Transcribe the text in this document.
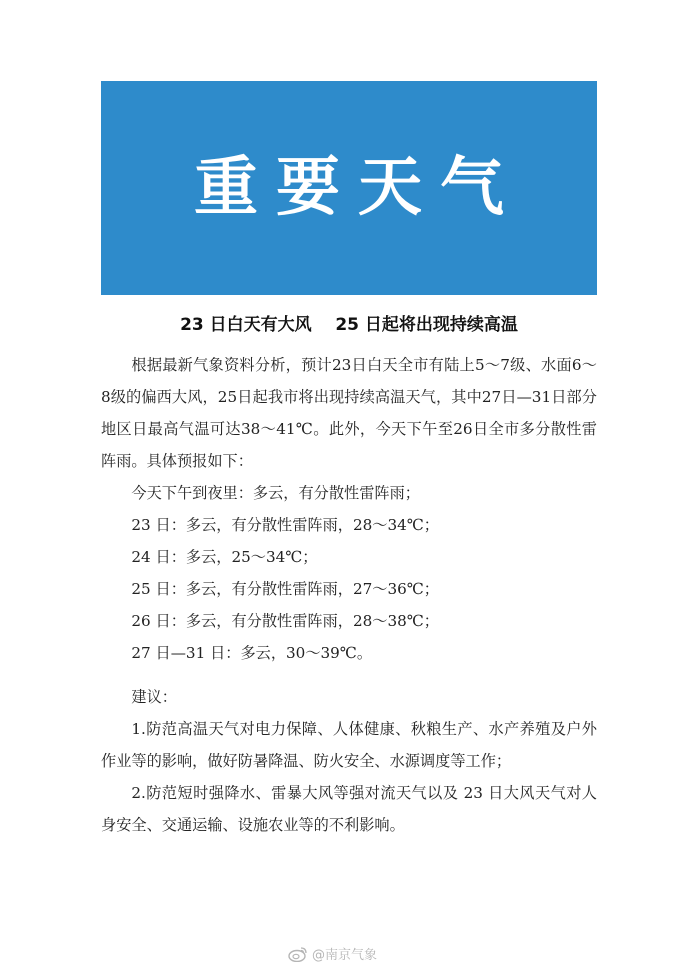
重要天气
23 日白天有大风    25 日起将出现持续高温

根据最新气象资料分析，预计23日白天全市有陆上5～7级、水面6～8级的偏西大风，25日起我市将出现持续高温天气，其中27日—31日部分地区日最高气温可达38～41℃。此外，今天下午至26日全市多分散性雷阵雨。具体预报如下：

今天下午到夜里：多云，有分散性雷阵雨；

23 日：多云，有分散性雷阵雨，28～34℃；

24 日：多云，25～34℃；

25 日：多云，有分散性雷阵雨，27～36℃；

26 日：多云，有分散性雷阵雨，28～38℃；

27 日—31 日：多云，30～39℃。

建议：

1.防范高温天气对电力保障、人体健康、秋粮生产、水产养殖及户外作业等的影响，做好防暑降温、防火安全、水源调度等工作；

2.防范短时强降水、雷暴大风等强对流天气以及 23 日大风天气对人身安全、交通运输、设施农业等的不利影响。

@南京气象
